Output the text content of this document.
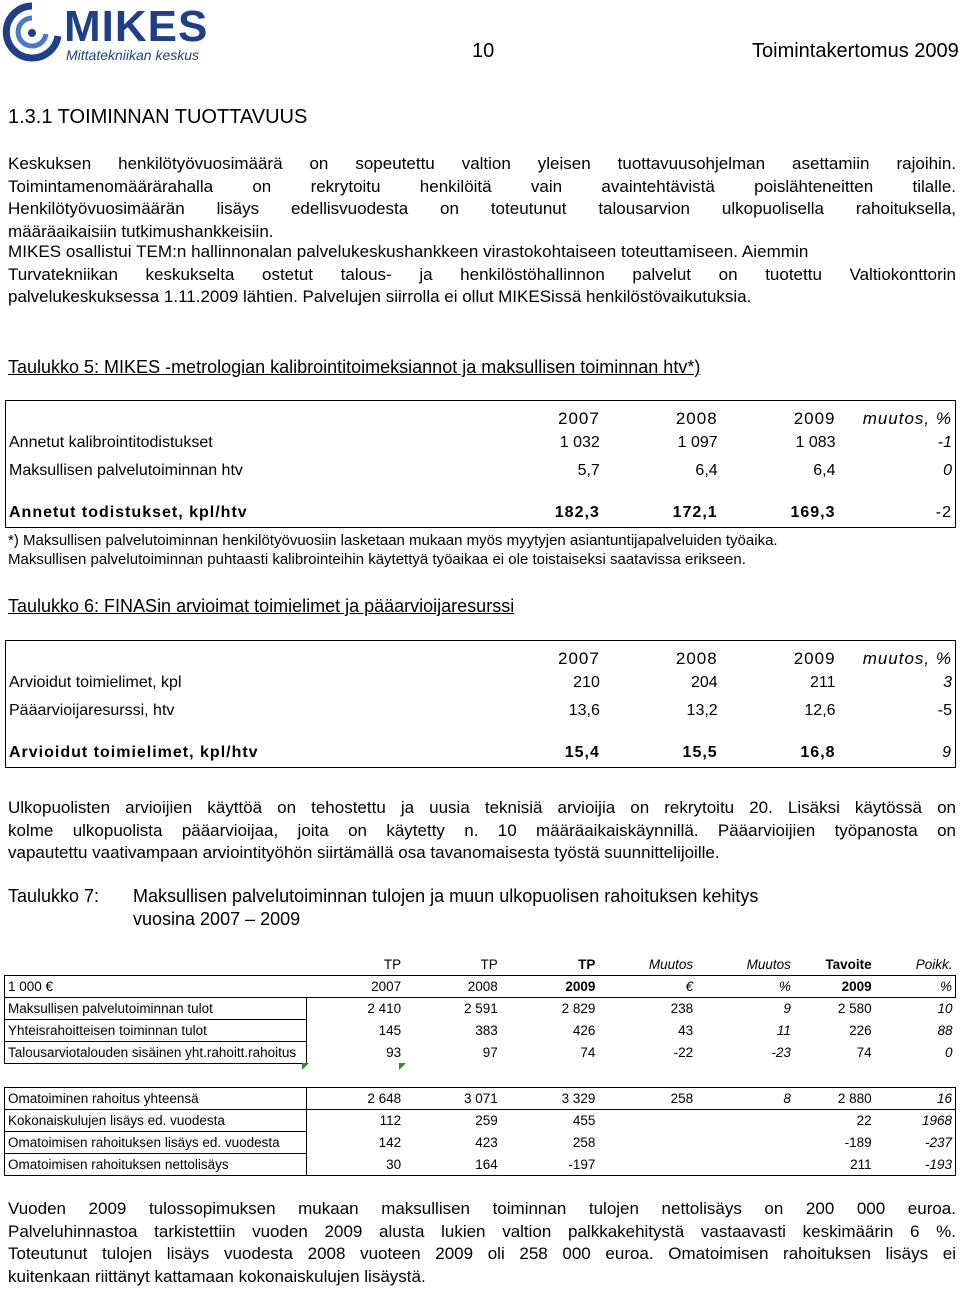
MIKES
Mittatekniikan keskus	10	Toimintakertomus 2009
1.3.1 TOIMINNAN TUOTTAVUUS
Keskuksen henkilötyövuosimäärä on sopeutettu valtion yleisen tuottavuusohjelman asettamiin rajoihin.
Toimintamenomäärärahalla on rekrytoitu henkilöitä vain avaintehtävistä poislähteneitten tilalle.
Henkilötyövuosimäärän lisäys edellisvuodesta on toteutunut talousarvion ulkopuolisella rahoituksella,
määräaikaisiin tutkimushankkeisiin.
MIKES osallistui TEM:n hallinnonalan palvelukeskushankkeen virastokohtaiseen toteuttamiseen. Aiemmin
Turvatekniikan keskukselta ostetut talous- ja henkilöstöhallinnon palvelut on tuotettu Valtiokonttorin
palvelukeskuksessa 1.11.2009 lähtien. Palvelujen siirrolla ei ollut MIKESissä henkilöstövaikutuksia.
Taulukko 5: MIKES -metrologian kalibrointitoimeksiannot ja maksullisen toiminnan htv*)
	2007	2008	2009	muutos, %
Annetut kalibrointitodistukset	1 032	1 097	1 083	-1
Maksullisen palvelutoiminnan htv	5,7	6,4	6,4	0

Annetut todistukset, kpl/htv	182,3	172,1	169,3	-2
*) Maksullisen palvelutoiminnan henkilötyövuosiin lasketaan mukaan myös myytyjen asiantuntijapalveluiden työaika.
Maksullisen palvelutoiminnan puhtaasti kalibrointeihin käytettyä työaikaa ei ole toistaiseksi saatavissa erikseen.
Taulukko 6: FINASin arvioimat toimielimet ja pääarvioijaresurssi
	2007	2008	2009	muutos, %
Arvioidut toimielimet, kpl	210	204	211	3
Pääarvioijaresurssi, htv	13,6	13,2	12,6	-5

Arvioidut toimielimet, kpl/htv	15,4	15,5	16,8	9
Ulkopuolisten arvioijien käyttöä on tehostettu ja uusia teknisiä arvioijia on rekrytoitu 20. Lisäksi käytössä on
kolme ulkopuolista pääarvioijaa, joita on käytetty n. 10 määräaikaiskäynnillä. Pääarvioijien työpanosta on
vapautettu vaativampaan arviointityöhön siirtämällä osa tavanomaisesta työstä suunnittelijoille.
Taulukko 7: Maksullisen palvelutoiminnan tulojen ja muun ulkopuolisen rahoituksen kehitys
vuosina 2007 – 2009
	TP	TP	TP	Muutos	Muutos	Tavoite	Poikk.
1 000 €	2007	2008	2009	€	%	2009	%
Maksullisen palvelutoiminnan tulot	2 410	2 591	2 829	238	9	2 580	10
Yhteisrahoitteisen toiminnan tulot	145	383	426	43	11	226	88
Talousarviotalouden sisäinen yht.rahoitt.rahoitus	93	97	74	-22	-23	74	0

Omatoiminen rahoitus yhteensä	2 648	3 071	3 329	258	8	2 880	16
Kokonaiskulujen lisäys ed. vuodesta	112	259	455			22	1968
Omatoimisen rahoituksen lisäys ed. vuodesta	142	423	258			-189	-237
Omatoimisen rahoituksen nettolisäys	30	164	-197			211	-193
Vuoden 2009 tulossopimuksen mukaan maksullisen toiminnan tulojen nettolisäys on 200 000 euroa.
Palveluhinnastoa tarkistettiin vuoden 2009 alusta lukien valtion palkkakehitystä vastaavasti keskimäärin 6 %.
Toteutunut tulojen lisäys vuodesta 2008 vuoteen 2009 oli 258 000 euroa. Omatoimisen rahoituksen lisäys ei
kuitenkaan riittänyt kattamaan kokonaiskulujen lisäystä.
